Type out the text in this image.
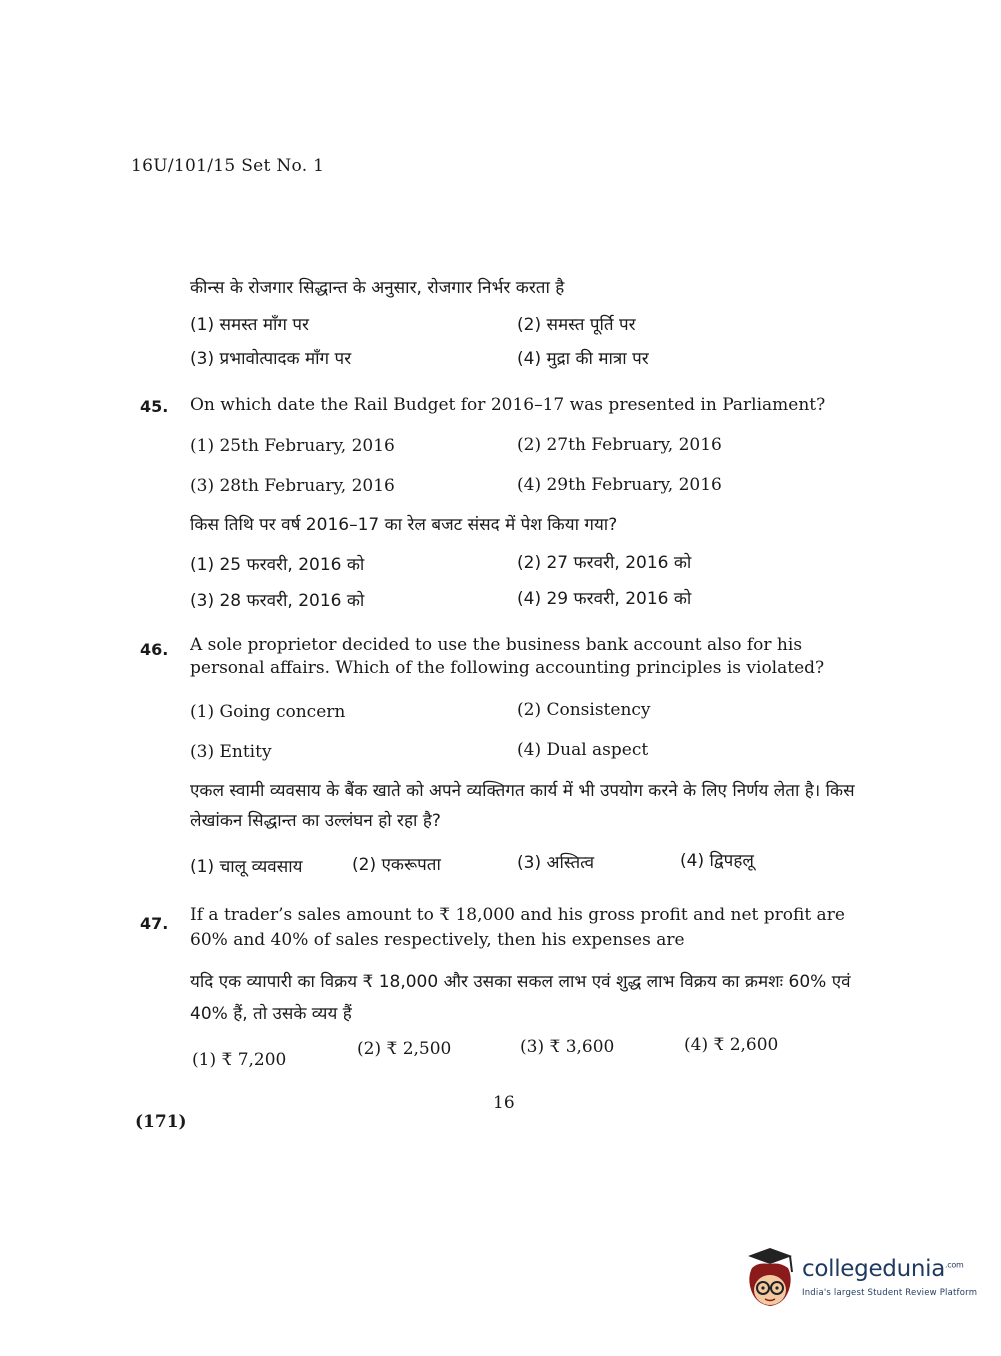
16U/101/15 Set No. 1
कीन्स के रोजगार सिद्धान्त के अनुसार, रोजगार निर्भर करता है
(1) समस्त माँग पर	(2) समस्त पूर्ति पर
(3) प्रभावोत्पादक माँग पर	(4) मुद्रा की मात्रा पर
45. On which date the Rail Budget for 2016–17 was presented in Parliament?
(1) 25th February, 2016	(2) 27th February, 2016
(3) 28th February, 2016	(4) 29th February, 2016
किस तिथि पर वर्ष 2016–17 का रेल बजट संसद में पेश किया गया?
(1) 25 फरवरी, 2016 को	(2) 27 फरवरी, 2016 को
(3) 28 फरवरी, 2016 को	(4) 29 फरवरी, 2016 को
46. A sole proprietor decided to use the business bank account also for his personal affairs. Which of the following accounting principles is violated?
(1) Going concern	(2) Consistency
(3) Entity	(4) Dual aspect
एकल स्वामी व्यवसाय के बैंक खाते को अपने व्यक्तिगत कार्य में भी उपयोग करने के लिए निर्णय लेता है। किस लेखांकन सिद्धान्त का उल्लंघन हो रहा है?
(1) चालू व्यवसाय	(2) एकरूपता	(3) अस्तित्व	(4) द्विपहलू
47. If a trader’s sales amount to ₹ 18,000 and his gross profit and net profit are 60% and 40% of sales respectively, then his expenses are
यदि एक व्यापारी का विक्रय ₹ 18,000 और उसका सकल लाभ एवं शुद्ध लाभ विक्रय का क्रमशः 60% एवं 40% हैं, तो उसके व्यय हैं
(1) ₹ 7,200
(2) ₹ 2,500	(3) ₹ 3,600	(4) ₹ 2,600
16
(171)
collegedunia$^{.com}$
India's largest Student Review Platform
